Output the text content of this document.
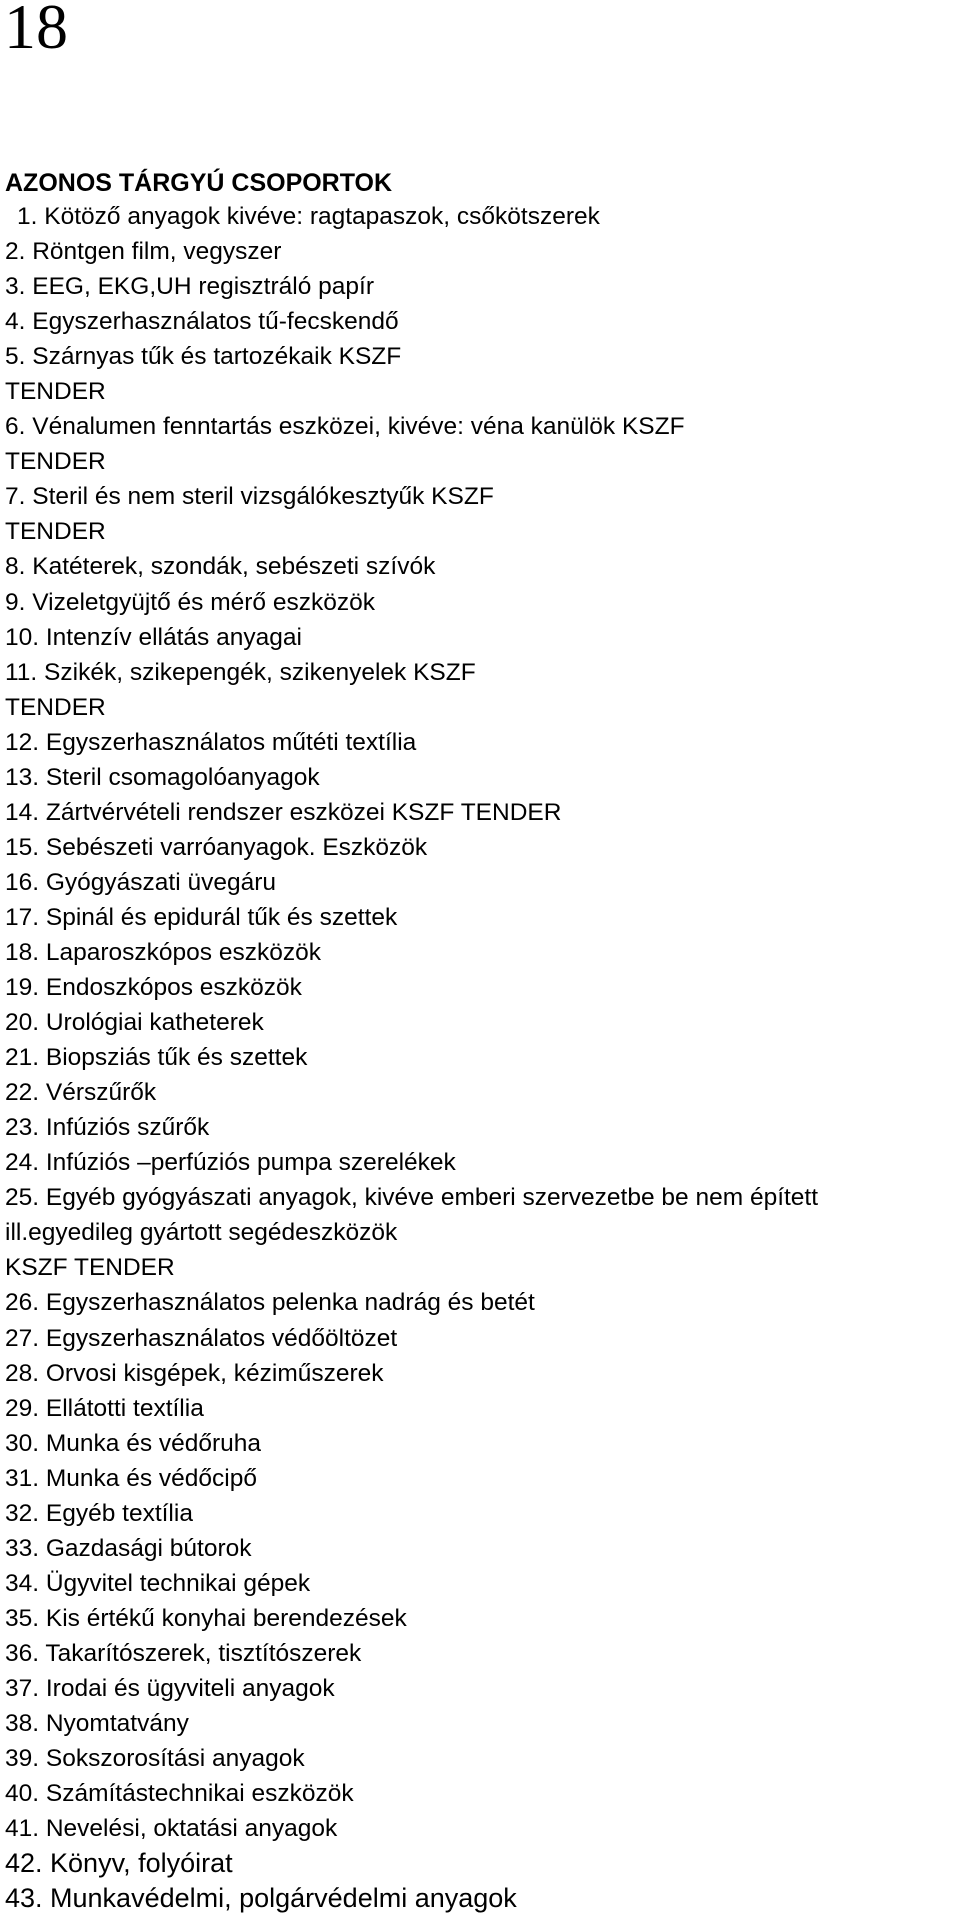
18
AZONOS TÁRGYÚ CSOPORTOK
1. Kötöző anyagok kivéve: ragtapaszok, csőkötszerek
2. Röntgen film, vegyszer
3. EEG, EKG,UH regisztráló papír
4. Egyszerhasználatos tű-fecskendő
5. Szárnyas tűk és tartozékaik KSZF
TENDER
6. Vénalumen fenntartás eszközei, kivéve: véna kanülök KSZF
TENDER
7. Steril és nem steril vizsgálókesztyűk KSZF
TENDER
8. Katéterek, szondák, sebészeti szívók
9. Vizeletgyüjtő és mérő eszközök
10. Intenzív ellátás anyagai
11. Szikék, szikepengék, szikenyelek KSZF
TENDER
12. Egyszerhasználatos műtéti textília
13. Steril csomagolóanyagok
14. Zártvérvételi rendszer eszközei KSZF TENDER
15. Sebészeti varróanyagok. Eszközök
16. Gyógyászati üvegáru
17. Spinál és epidurál tűk és szettek
18. Laparoszkópos eszközök
19. Endoszkópos eszközök
20. Urológiai katheterek
21. Biopsziás tűk és szettek
22. Vérszűrők
23. Infúziós szűrők
24. Infúziós –perfúziós pumpa szerelékek
25. Egyéb gyógyászati anyagok, kivéve emberi szervezetbe be nem épített
ill.egyedileg gyártott segédeszközök
KSZF TENDER
26. Egyszerhasználatos pelenka nadrág és betét
27. Egyszerhasználatos védőöltözet
28. Orvosi kisgépek, kéziműszerek
29. Ellátotti textília
30. Munka és védőruha
31. Munka és védőcipő
32. Egyéb textília
33. Gazdasági bútorok
34. Ügyvitel technikai gépek
35. Kis értékű konyhai berendezések
36. Takarítószerek, tisztítószerek
37. Irodai és ügyviteli anyagok
38. Nyomtatvány
39. Sokszorosítási anyagok
40. Számítástechnikai eszközök
41. Nevelési, oktatási anyagok
42. Könyv, folyóirat
43. Munkavédelmi, polgárvédelmi anyagok
